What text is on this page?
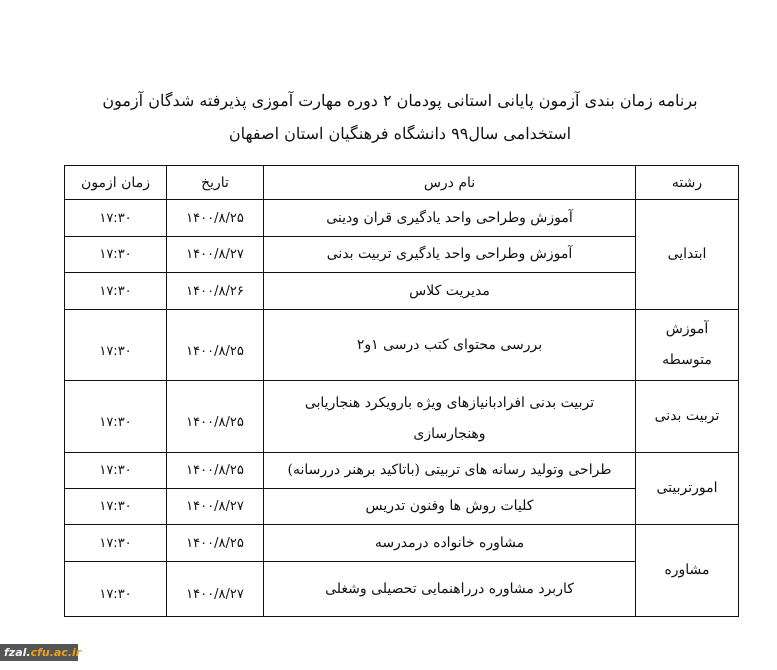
برنامه زمان بندی آزمون پایانی استانی پودمان ۲ دوره مهارت آموزی پذیرفته شدگان آزمون
استخدامی سال۹۹ دانشگاه فرهنگیان استان اصفهان
رشته	نام درس	تاریخ	زمان ازمون
ابتدایی	آموزش وطراحی واحد یادگیری قران ودینی	۱۴۰۰/۸/۲۵	۱۷:۳۰
	آموزش وطراحی واحد یادگیری تربیت بدنی	۱۴۰۰/۸/۲۷	۱۷:۳۰
	مدیریت کلاس	۱۴۰۰/۸/۲۶	۱۷:۳۰
آموزش متوسطه	بررسی محتوای کتب درسی ۱و۲	۱۴۰۰/۸/۲۵	۱۷:۳۰
تربیت بدنی	تربیت بدنی افرادبانیازهای ویژه بارویکرد هنجاریابی وهنجارسازی	۱۴۰۰/۸/۲۵	۱۷:۳۰
امورتربیتی	طراحی وتولید رسانه های تربیتی (باتاکید برهنر دررسانه)	۱۴۰۰/۸/۲۵	۱۷:۳۰
	کلیات روش ها وفنون تدریس	۱۴۰۰/۸/۲۷	۱۷:۳۰
مشاوره	مشاوره خانواده درمدرسه	۱۴۰۰/۸/۲۵	۱۷:۳۰
	کاربرد مشاوره درراهنمایی تحصیلی وشغلی	۱۴۰۰/۸/۲۷	۱۷:۳۰
fzal.cfu.ac.ir
